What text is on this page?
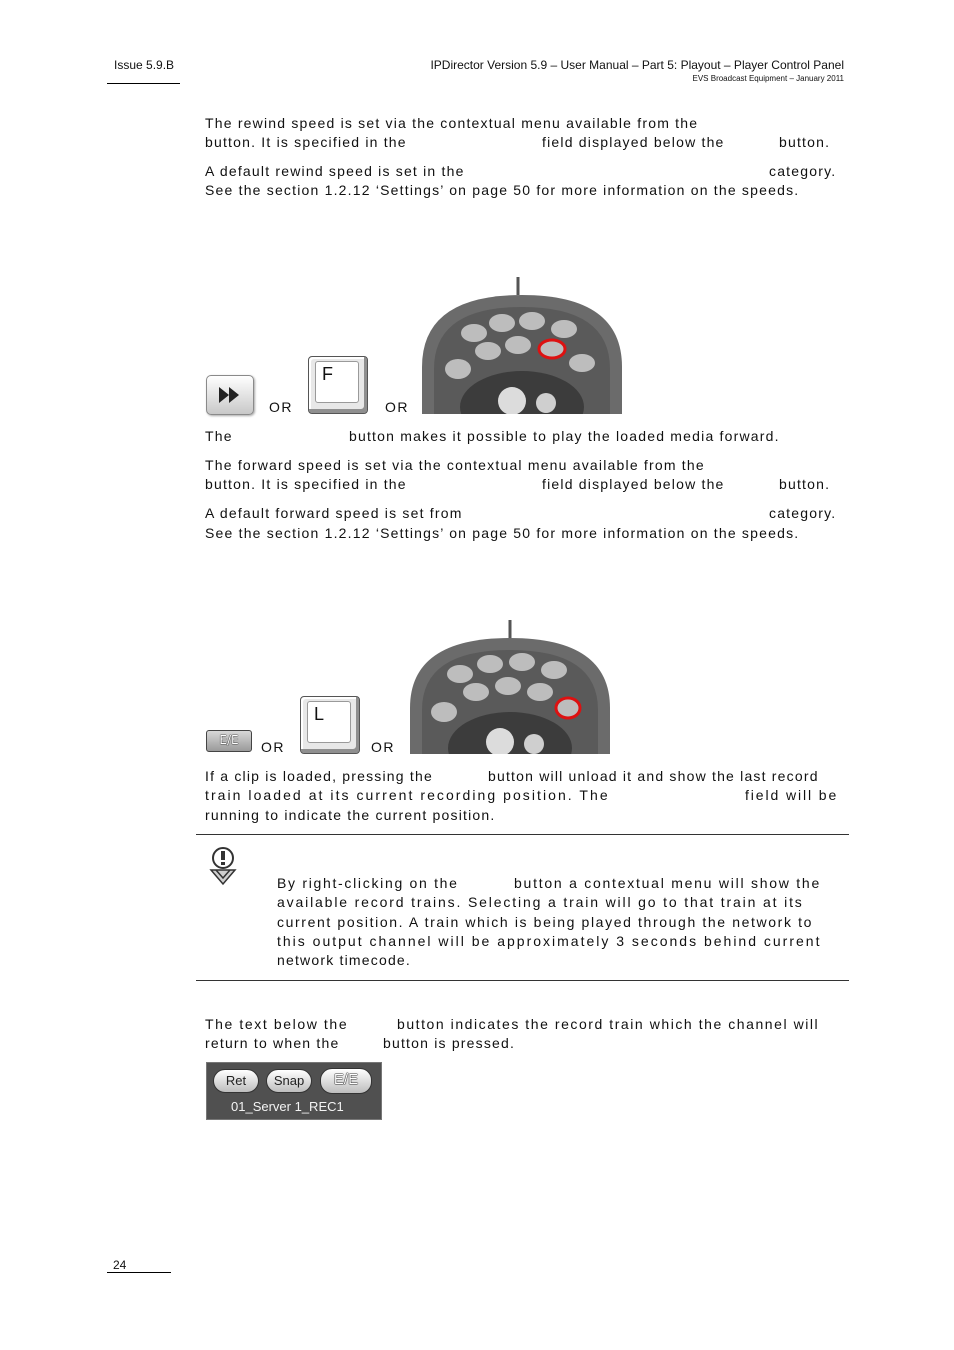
Issue 5.9.B	IPDirector Version 5.9 – User Manual – Part 5: Playout – Player Control Panel
EVS Broadcast Equipment – January 2011
The rewind speed is set via the contextual menu available from the
button. It is specified in the	field displayed below the	button.
A default rewind speed is set in the	category.
See the section 1.2.12 ‘Settings’ on page 50 for more information on the speeds.
OR
F
OR
The	button makes it possible to play the loaded media forward.
The forward speed is set via the contextual menu available from the
button. It is specified in the	field displayed below the	button.
A default forward speed is set from	category.
See the section 1.2.12 ‘Settings’ on page 50 for more information on the speeds.
E/E	OR
L
OR
If a clip is loaded, pressing the	button will unload it and show the last record
train loaded at its current recording position. The	field will be
running to indicate the current position.
By right-clicking on the	button a contextual menu will show the
available record trains. Selecting a train will go to that train at its
current position. A train which is being played through the network to
this output channel will be approximately 3 seconds behind current
network timecode.
The text below the	button indicates the record train which the channel will
return to when the	button is pressed.
Ret	Snap	E/E
01_Server 1_REC1
24
